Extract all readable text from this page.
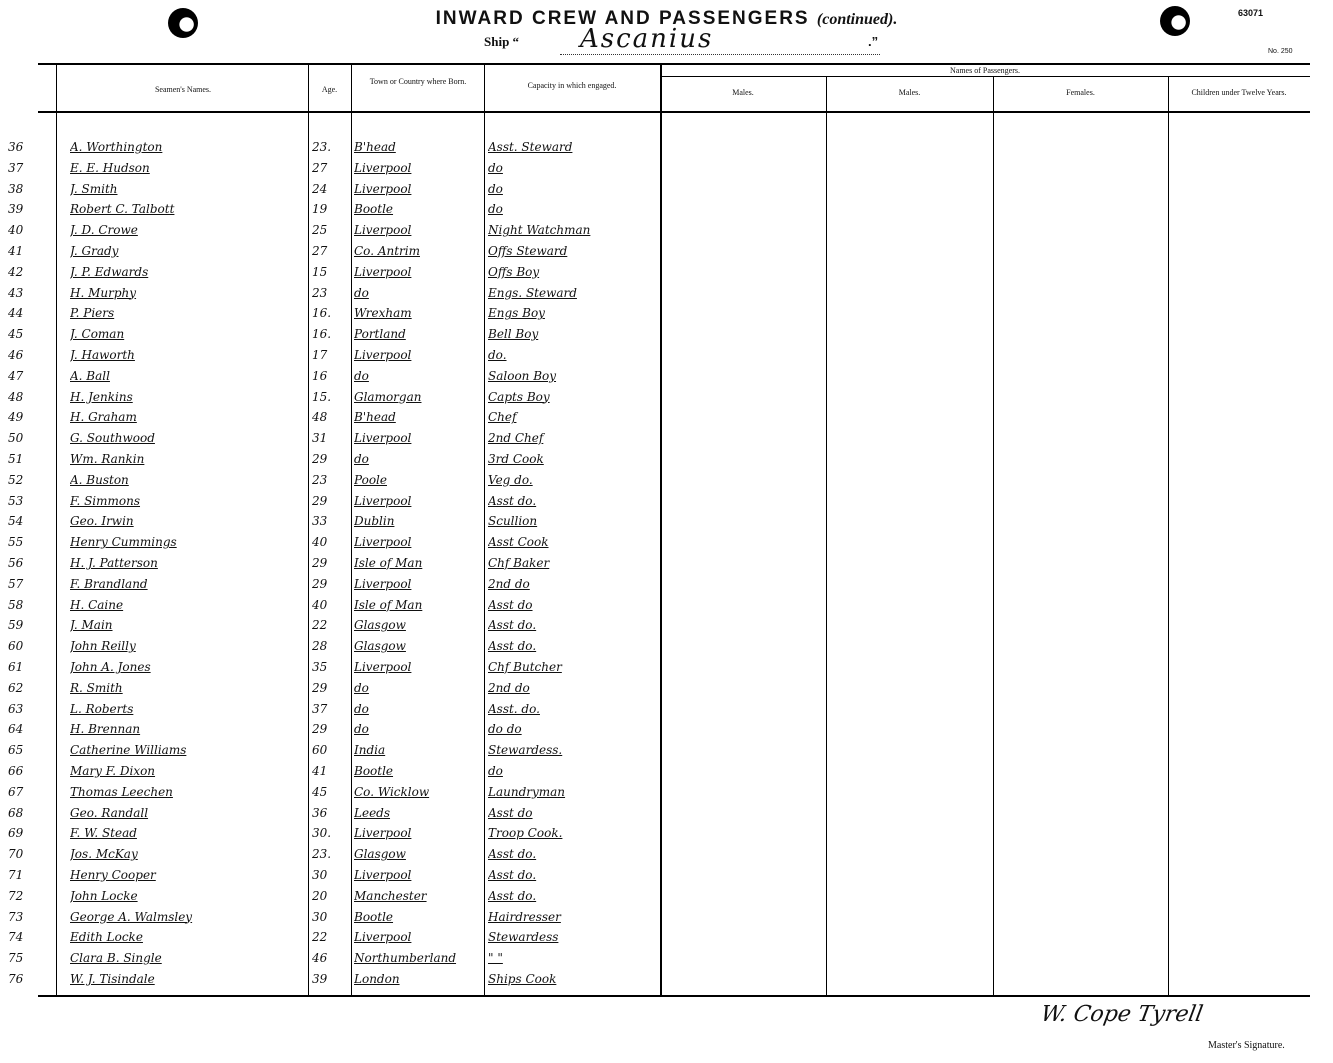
INWARD CREW AND PASSENGERS (continued).	63071
No. 250
Ship “	Ascanius	.”
Seamen's Names.	Age.
Town or Country where Born.	Capacity in which engaged.
Names of Passengers.
Males.	Males.	Females.	Children under Twelve Years.
36	A. Worthington	23.	B'head	Asst. Steward
37	E. E. Hudson	27	Liverpool	do
38	J. Smith	24	Liverpool	do
39	Robert C. Talbott	19	Bootle	do
40	J. D. Crowe	25	Liverpool	Night Watchman
41	J. Grady	27	Co. Antrim	Offs Steward
42	J. P. Edwards	15	Liverpool	Offs Boy
43	H. Murphy	23	do	Engs. Steward
44	P. Piers	16.	Wrexham	Engs Boy
45	J. Coman	16.	Portland	Bell Boy
46	J. Haworth	17	Liverpool	do.
47	A. Ball	16	do	Saloon Boy
48	H. Jenkins	15.	Glamorgan	Capts Boy
49	H. Graham	48	B'head	Chef
50	G. Southwood	31	Liverpool	2nd Chef
51	Wm. Rankin	29	do	3rd Cook
52	A. Buston	23	Poole	Veg do.
53	F. Simmons	29	Liverpool	Asst do.
54	Geo. Irwin	33	Dublin	Scullion
55	Henry Cummings	40	Liverpool	Asst Cook
56	H. J. Patterson	29	Isle of Man	Chf Baker
57	F. Brandland	29	Liverpool	2nd do
58	H. Caine	40	Isle of Man	Asst do
59	J. Main	22	Glasgow	Asst do.
60	John Reilly	28	Glasgow	Asst do.
61	John A. Jones	35	Liverpool	Chf Butcher
62	R. Smith	29	do	2nd do
63	L. Roberts	37	do	Asst. do.
64	H. Brennan	29	do	do do
65	Catherine Williams	60	India	Stewardess.
66	Mary F. Dixon	41	Bootle	do
67	Thomas Leechen	45	Co. Wicklow	Laundryman
68	Geo. Randall	36	Leeds	Asst do
69	F. W. Stead	30.	Liverpool	Troop Cook.
70	Jos. McKay	23.	Glasgow	Asst do.
71	Henry Cooper	30	Liverpool	Asst do.
72	John Locke	20	Manchester	Asst do.
73	George A. Walmsley	30	Bootle	Hairdresser
74	Edith Locke	22	Liverpool	Stewardess
75	Clara B. Single	46	Northumberland	" "
76	W. J. Tisindale	39	London	Ships Cook
W. Cope Tyrell
Master's Signature.
